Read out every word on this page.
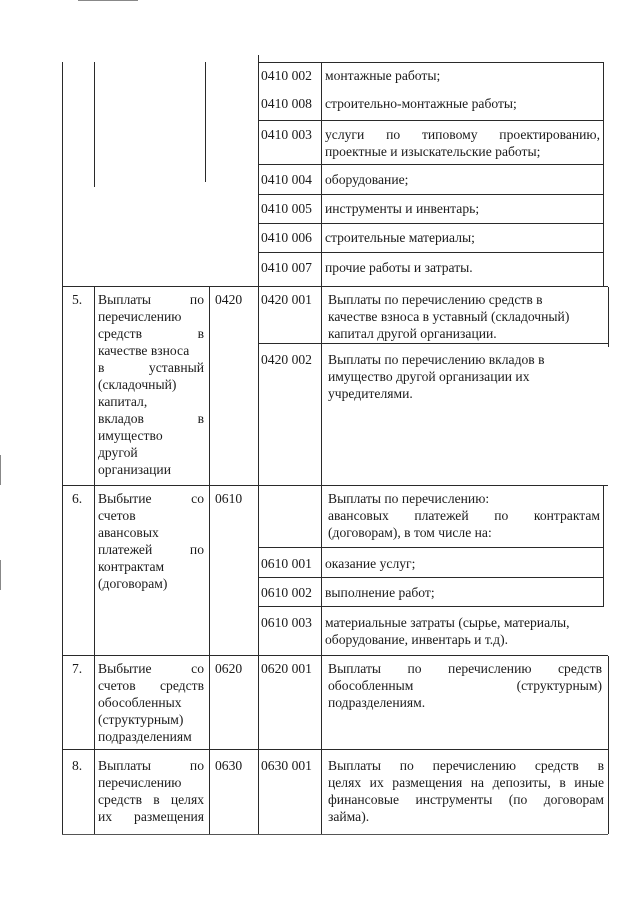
0410 002 монтажные работы;

0410 008 строительно-монтажные работы;

0410 003 услуги по типовому проектированию,

проектные и изыскательские работы;

0410 004 оборудование;

0410 005 инструменты и инвентарь;

0410 006 строительные материалы;

0410 007 прочие работы и затраты.

5. Выплаты по

перечислению

средств в

качестве взноса

в уставный

(складочный)

капитал,

вкладов в

имущество

другой

организации

0420 0420 001 Выплаты по перечислению средств в

качестве взноса в уставный (складочный)

капитал другой организации.

0420 002 Выплаты по перечислению вкладов в

имущество другой организации их

учредителями.

6. Выбытие со

счетов

авансовых

платежей по

контрактам

(договорам)

0610	Выплаты по перечислению:

авансовых платежей по контрактам

(договорам), в том числе на:

0610 001 оказание услуг;

0610 002 выполнение работ;

0610 003 материальные затраты (сырье, материалы,

оборудование, инвентарь и т.д).

7. Выбытие со

счетов средств

обособленных

(структурным)

подразделениям

0620 0620 001 Выплаты по перечислению средств

обособленным (структурным)

подразделениям.

8. Выплаты по

перечислению

средств в целях

их размещения

0630 0630 001 Выплаты по перечислению средств в

целях их размещения на депозиты, в иные

финансовые инструменты (по договорам

займа).
